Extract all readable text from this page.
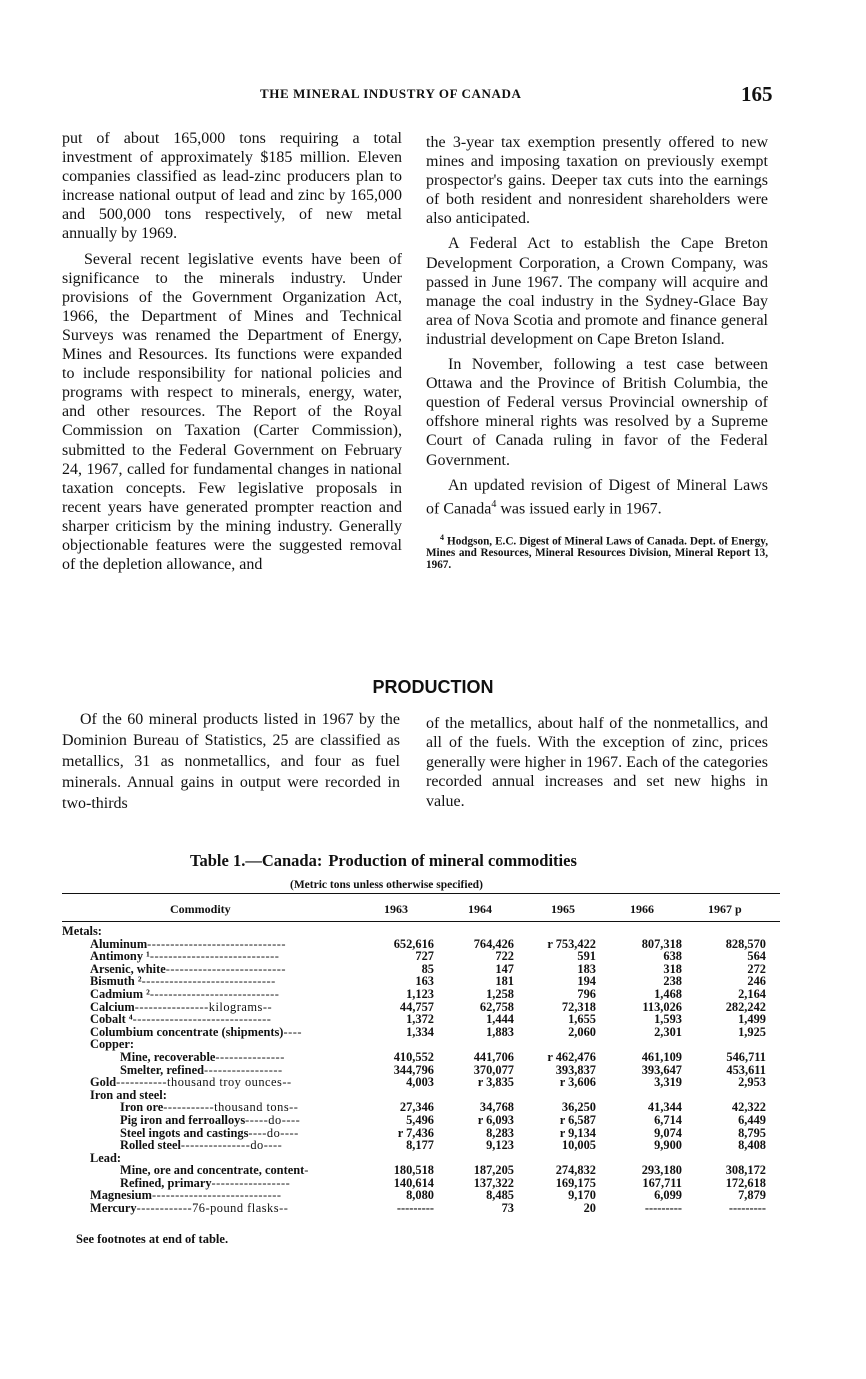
THE MINERAL INDUSTRY OF CANADA	165

put of about 165,000 tons requiring a total investment of approximately $185 million. Eleven companies classified as lead-zinc producers plan to increase national output of lead and zinc by 165,000 and 500,000 tons respectively, of new metal annually by 1969.

Several recent legislative events have been of significance to the minerals industry. Under provisions of the Government Organization Act, 1966, the Department of Mines and Technical Surveys was renamed the Department of Energy, Mines and Resources. Its functions were expanded to include responsibility for national policies and programs with respect to minerals, energy, water, and other resources. The Report of the Royal Commission on Taxation (Carter Commission), submitted to the Federal Government on February 24, 1967, called for fundamental changes in national taxation concepts. Few legislative proposals in recent years have generated prompter reaction and sharper criticism by the mining industry. Generally objectionable features were the suggested removal of the depletion allowance, and

the 3-year tax exemption presently offered to new mines and imposing taxation on previously exempt prospector's gains. Deeper tax cuts into the earnings of both resident and nonresident shareholders were also anticipated.

A Federal Act to establish the Cape Breton Development Corporation, a Crown Company, was passed in June 1967. The company will acquire and manage the coal industry in the Sydney-Glace Bay area of Nova Scotia and promote and finance general industrial development on Cape Breton Island.

In November, following a test case between Ottawa and the Province of British Columbia, the question of Federal versus Provincial ownership of offshore mineral rights was resolved by a Supreme Court of Canada ruling in favor of the Federal Government.

An updated revision of Digest of Mineral Laws of Canada$^4$ was issued early in 1967.

$^4$ Hodgson, E.C. Digest of Mineral Laws of Canada. Dept. of Energy, Mines and Resources, Mineral Resources Division, Mineral Report 13, 1967.
PRODUCTION
Of the 60 mineral products listed in 1967 by the Dominion Bureau of Statistics, 25 are classified as metallics, 31 as nonmetallics, and four as fuel minerals. Annual gains in output were recorded in two-thirds
of the metallics, about half of the nonmetallics, and all of the fuels. With the exception of zinc, prices generally were higher in 1967. Each of the categories recorded annual increases and set new highs in value.
Table 1.—Canada: Production of mineral commodities
(Metric tons unless otherwise specified)
Commodity	1963	1964	1965	1966	1967 p
Metals:
Aluminum------------------------------	652,616	764,426	r 753,422	807,318	828,570
Antimony ¹----------------------------	727	722	591	638	564
Arsenic, white--------------------------	85	147	183	318	272
Bismuth ²-----------------------------	163	181	194	238	246
Cadmium ²----------------------------	1,123	1,258	796	1,468	2,164
Calcium----------------kilograms--	44,757	62,758	72,318	113,026	282,242
Cobalt ⁴------------------------------	1,372	1,444	1,655	1,593	1,499
Columbium concentrate (shipments)----	1,334	1,883	2,060	2,301	1,925
Copper:
Mine, recoverable---------------	410,552	441,706	r 462,476	461,109	546,711
Smelter, refined-----------------	344,796	370,077	393,837	393,647	453,611
Gold-----------thousand troy ounces--	4,003	r 3,835	r 3,606	3,319	2,953
Iron and steel:
Iron ore-----------thousand tons--	27,346	34,768	36,250	41,344	42,322
Pig iron and ferroalloys-----do----	5,496	r 6,093	r 6,587	6,714	6,449
Steel ingots and castings----do----	r 7,436	8,283	r 9,134	9,074	8,795
Rolled steel---------------do----	8,177	9,123	10,005	9,900	8,408
Lead:
Mine, ore and concentrate, content-	180,518	187,205	274,832	293,180	308,172
Refined, primary-----------------	140,614	137,322	169,175	167,711	172,618
Magnesium----------------------------	8,080	8,485	9,170	6,099	7,879
Mercury------------76-pound flasks--	---------	73	20	---------	---------
See footnotes at end of table.
